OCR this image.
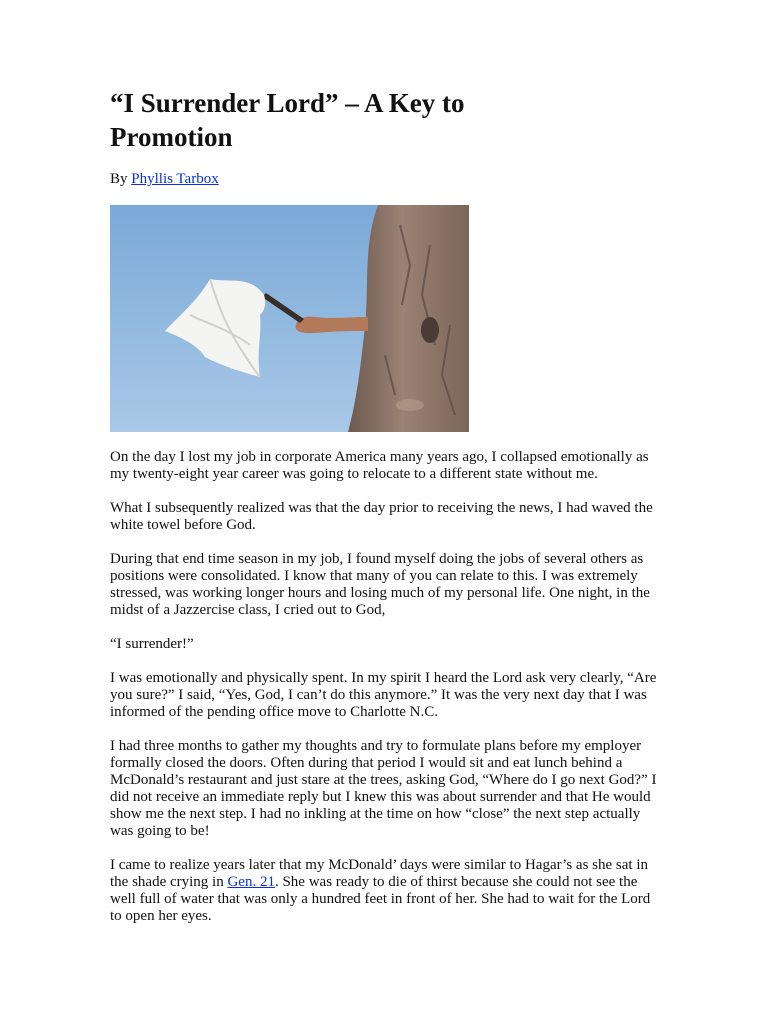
“I Surrender Lord” – A Key to
Promotion

By Phyllis Tarbox

On the day I lost my job in corporate America many years ago, I collapsed emotionally as my twenty-eight year career was going to relocate to a different state without me.

What I subsequently realized was that the day prior to receiving the news, I had waved the white towel before God.

During that end time season in my job, I found myself doing the jobs of several others as positions were consolidated. I know that many of you can relate to this. I was extremely stressed, was working longer hours and losing much of my personal life. One night, in the midst of a Jazzercise class, I cried out to God,

“I surrender!”

I was emotionally and physically spent. In my spirit I heard the Lord ask very clearly, “Are you sure?” I said, “Yes, God, I can’t do this anymore.” It was the very next day that I was informed of the pending office move to Charlotte N.C.

I had three months to gather my thoughts and try to formulate plans before my employer formally closed the doors. Often during that period I would sit and eat lunch behind a McDonald’s restaurant and just stare at the trees, asking God, “Where do I go next God?” I did not receive an immediate reply but I knew this was about surrender and that He would show me the next step. I had no inkling at the time on how “close” the next step actually was going to be!

I came to realize years later that my McDonald’ days were similar to Hagar’s as she sat in the shade crying in Gen. 21. She was ready to die of thirst because she could not see the well full of water that was only a hundred feet in front of her. She had to wait for the Lord to open her eyes.
